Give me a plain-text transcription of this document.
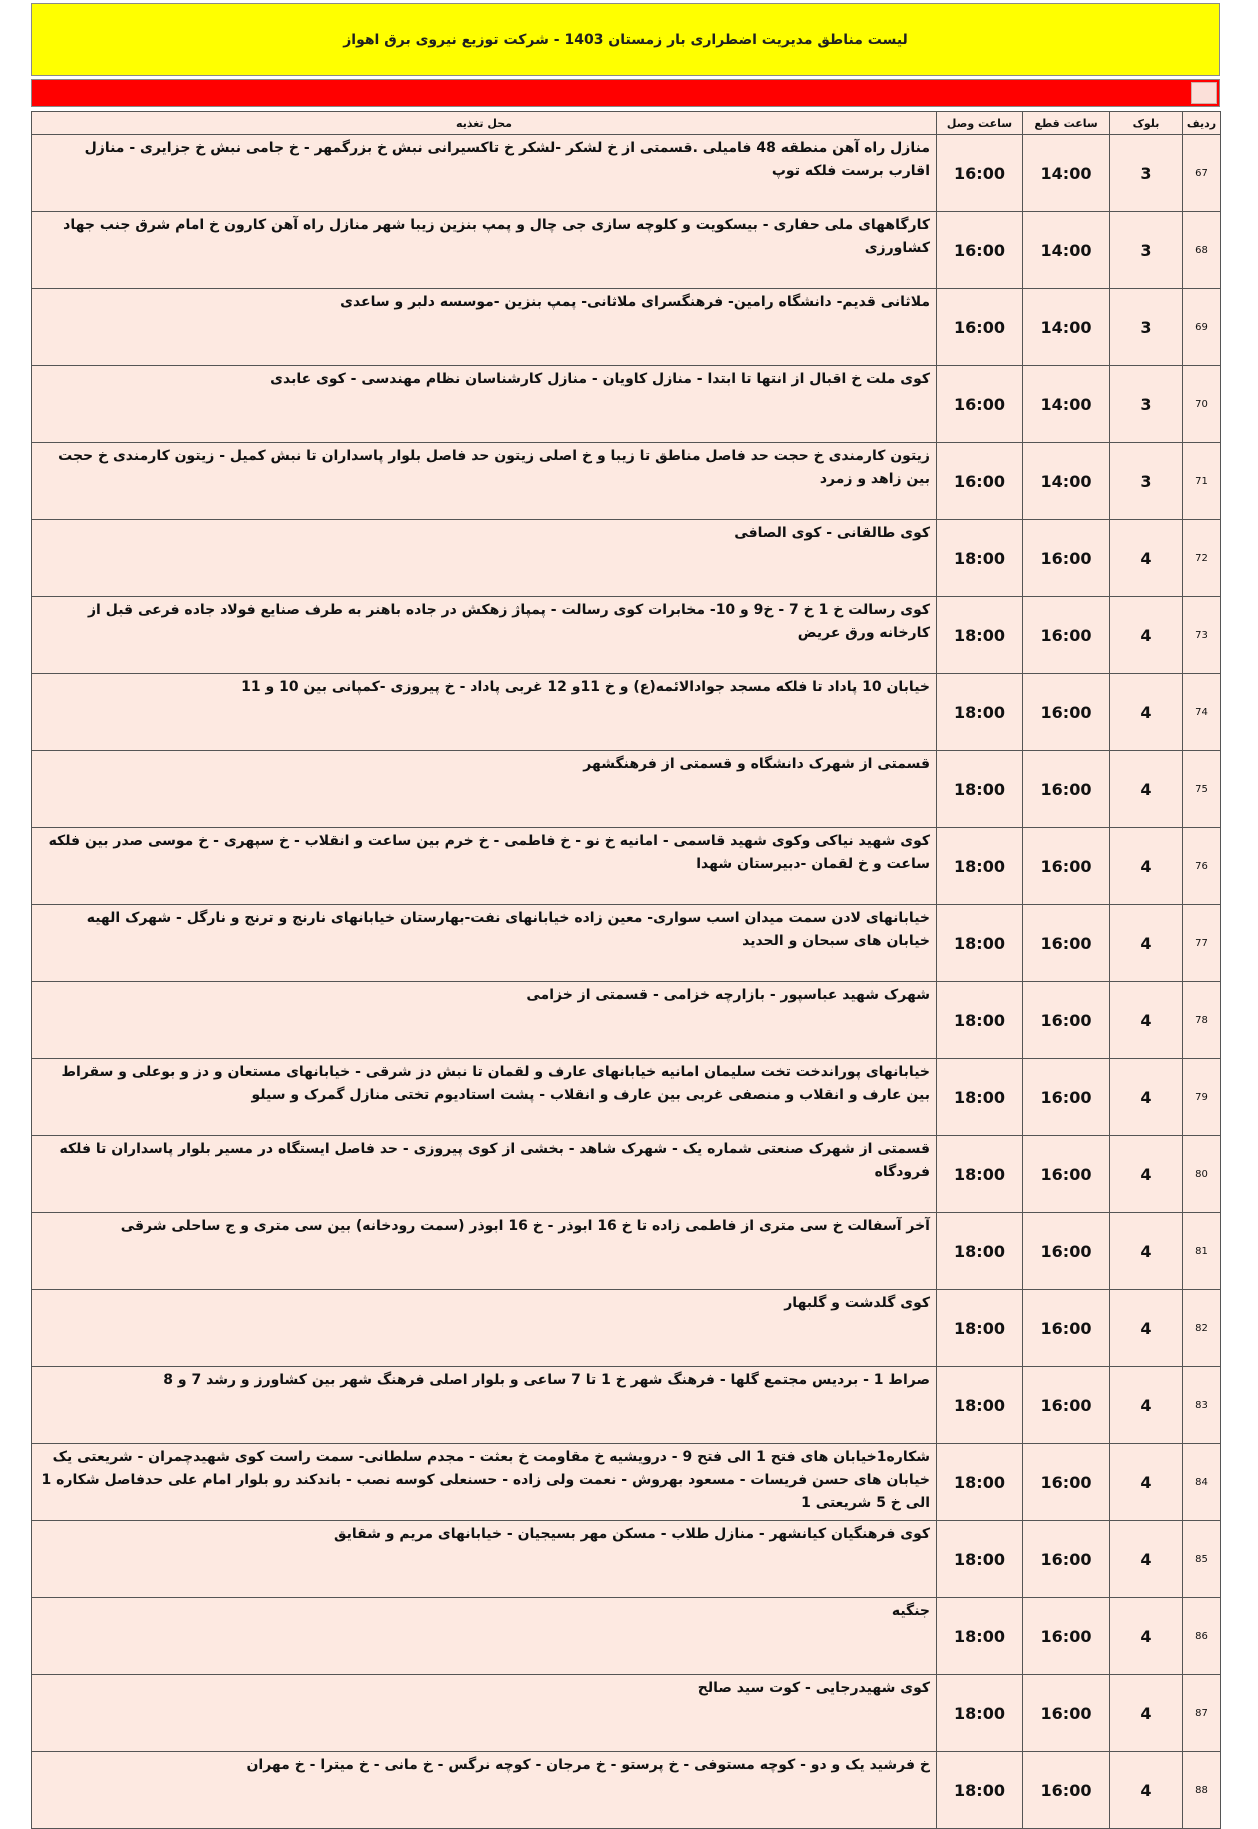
لیست مناطق مدیریت اضطراری بار زمستان 1403 - شرکت توزیع نیروی برق اهواز
ردیف	بلوک	ساعت قطع	ساعت وصل	محل تغذیه
67	3	14:00	16:00	منازل راه آهن منطقه 48 فامیلی .قسمتی از خ لشکر -لشکر خ تاکسیرانی نبش خ بزرگمهر - خ جامی نبش خ جزایری - منازل اقارب برست فلکه توپ
68	3	14:00	16:00	کارگاههای ملی حفاری - بیسکویت و کلوچه سازی جی چال و پمپ بنزین زیبا شهر منازل راه آهن کارون خ امام شرق جنب جهاد کشاورزی
69	3	14:00	16:00	ملاثانی قدیم- دانشگاه رامین- فرهنگسرای ملاثانی- پمپ بنزین -موسسه دلبر و ساعدی
70	3	14:00	16:00	کوی ملت خ اقبال از انتها تا ابتدا - منازل کاویان - منازل کارشناسان نظام مهندسی - کوی عابدی
71	3	14:00	16:00	زیتون کارمندی خ حجت حد فاصل مناطق تا زیبا و خ اصلی زیتون حد فاصل بلوار پاسداران تا نبش کمیل - زیتون کارمندی خ حجت بین زاهد و زمرد
72	4	16:00	18:00	کوی طالقانی - کوی الصافی
73	4	16:00	18:00	کوی رسالت خ 1 خ 7 - خ9 و 10- مخابرات کوی رسالت - پمپاژ زهکش در جاده باهنر به طرف صنایع فولاد جاده فرعی قبل از کارخانه ورق عریض
74	4	16:00	18:00	خیابان 10 پاداد تا فلکه مسجد جوادالائمه(ع) و خ 11و 12 غربی پاداد - خ پیروزی -کمپانی بین 10 و 11
75	4	16:00	18:00	قسمتی از شهرک دانشگاه و قسمتی از فرهنگشهر
76	4	16:00	18:00	کوی شهید نیاکی وکوی شهید قاسمی - امانیه خ نو - خ فاطمی - خ خرم بین ساعت و انقلاب - خ سپهری - خ موسی صدر بین فلکه ساعت و خ لقمان -دبیرستان شهدا
77	4	16:00	18:00	خیابانهای لادن سمت میدان اسب سواری- معین زاده خیابانهای نفت-بهارستان خیابانهای نارنج و ترنج و نارگل - شهرک الهیه خیابان های سبحان و الحدید
78	4	16:00	18:00	شهرک شهید عباسپور - بازارچه خزامی - قسمتی از خزامی
79	4	16:00	18:00	خیابانهای پوراندخت تخت سلیمان امانیه خیابانهای عارف و لقمان تا نبش دز شرقی - خیابانهای مستعان و دز و بوعلی و سقراط بین عارف و انقلاب و منصفی غربی بین عارف و انقلاب - پشت استادیوم تختی منازل گمرک و سیلو
80	4	16:00	18:00	قسمتی از شهرک صنعتی شماره یک - شهرک شاهد - بخشی از کوی پیروزی - حد فاصل ایستگاه در مسیر بلوار پاسداران تا فلکه فرودگاه
81	4	16:00	18:00	آخر آسفالت خ سی متری از فاطمی زاده تا خ 16 ابوذر - خ 16 ابوذر (سمت رودخانه) بین سی متری و ج ساحلی شرقی
82	4	16:00	18:00	کوی گلدشت و گلبهار
83	4	16:00	18:00	صراط 1 - بردیس مجتمع گلها - فرهنگ شهر خ 1 تا 7 ساعی و بلوار اصلی فرهنگ شهر بین کشاورز و رشد 7 و 8
84	4	16:00	18:00	شکاره1خیابان های فتح 1 الی فتح 9 - درویشیه خ مقاومت خ بعثت - مجدم سلطانی- سمت راست کوی شهیدچمران - شریعتی یک خیابان های حسن فریسات - مسعود بهروش - نعمت ولی زاده - حسنعلی کوسه نصب - باندکند رو بلوار امام علی حدفاصل شکاره 1 الی خ 5 شریعتی 1
85	4	16:00	18:00	کوی فرهنگیان کیانشهر - منازل طلاب - مسکن مهر بسیجیان - خیابانهای مریم و شقایق
86	4	16:00	18:00	جنگیه
87	4	16:00	18:00	کوی شهیدرجایی - کوت سید صالح
88	4	16:00	18:00	خ فرشید یک و دو - کوچه مستوفی - خ پرستو - خ مرجان - کوچه نرگس - خ مانی - خ میترا - خ مهران
